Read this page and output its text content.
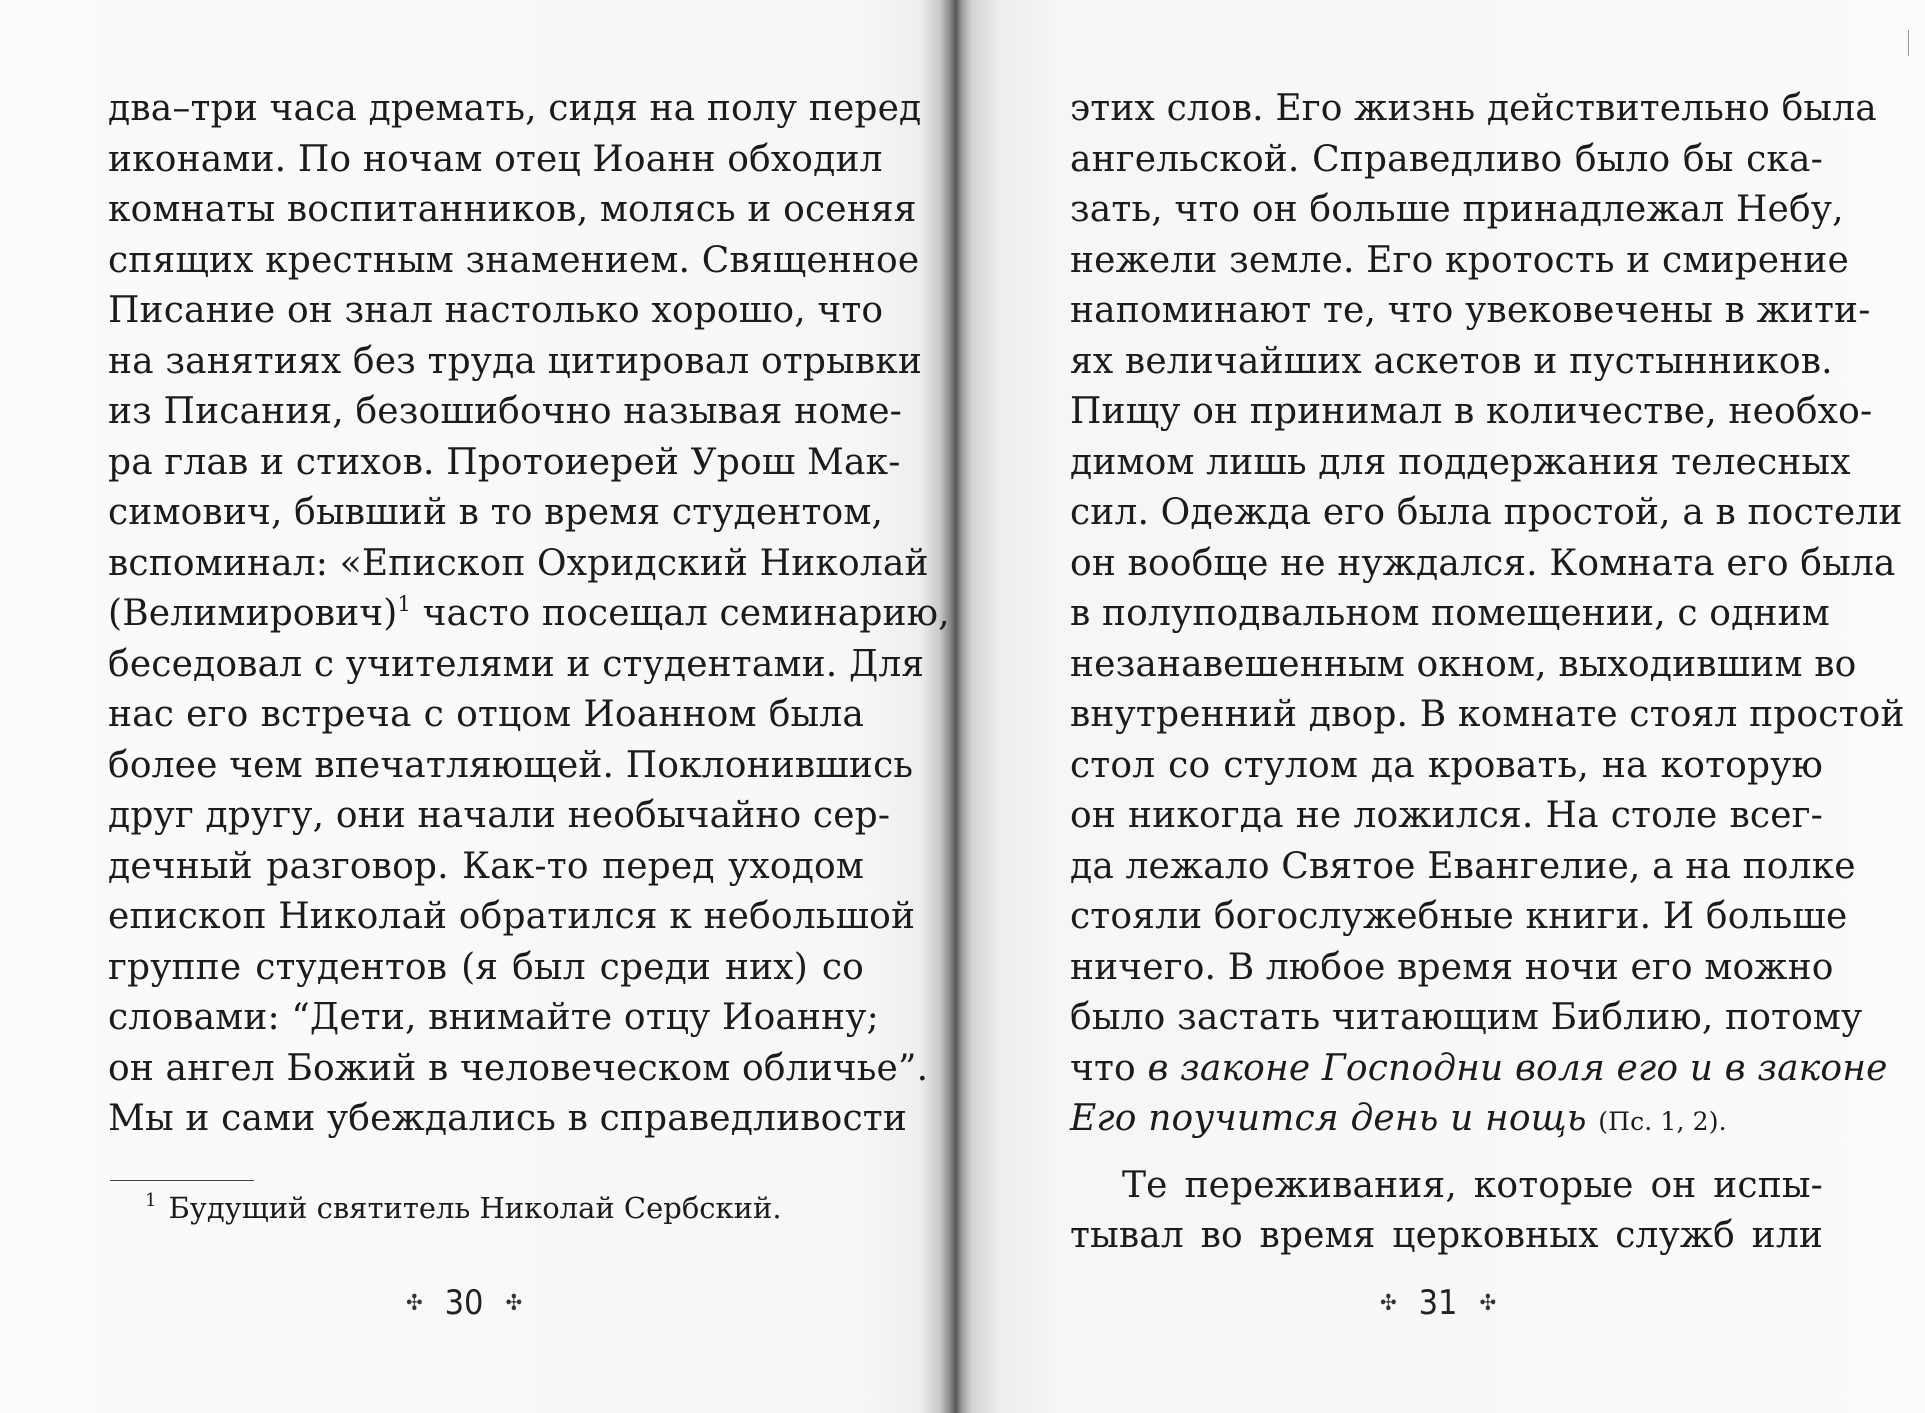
два–три часа дремать, сидя на полу перед
иконами. По ночам отец Иоанн обходил
комнаты воспитанников, молясь и осеняя
спящих крестным знамением. Священное
Писание он знал настолько хорошо, что
на занятиях без труда цитировал отрывки
из Писания, безошибочно называя номе-
ра глав и стихов. Протоиерей Урош Мак-
симович, бывший в то время студентом,
вспоминал: «Епископ Охридский Николай
(Велимирович)$^1$ часто посещал семинарию,
беседовал с учителями и студентами. Для
нас его встреча с отцом Иоанном была
более чем впечатляющей. Поклонившись
друг другу, они начали необычайно сер-
дечный разговор. Как-то перед уходом
епископ Николай обратился к небольшой
группе студентов (я был среди них) со
словами: “Дети, внимайте отцу Иоанну;
он ангел Божий в человеческом обличье”.
Мы и сами убеждались в справедливости
$^1$ Будущий святитель Николай Сербский.
✣ 30 ✣
этих слов. Его жизнь действительно была
ангельской. Справедливо было бы ска-
зать, что он больше принадлежал Небу,
нежели земле. Его кротость и смирение
напоминают те, что увековечены в жити-
ях величайших аскетов и пустынников.
Пищу он принимал в количестве, необхо-
димом лишь для поддержания телесных
сил. Одежда его была простой, а в постели
он вообще не нуждался. Комната его была
в полуподвальном помещении, с одним
незанавешенным окном, выходившим во
внутренний двор. В комнате стоял простой
стол со стулом да кровать, на которую
он никогда не ложился. На столе всег-
да лежало Святое Евангелие, а на полке
стояли богослужебные книги. И больше
ничего. В любое время ночи его можно
было застать читающим Библию, потому
что в законе Господни воля его и в законе
Его поучится день и нощь (Пс. 1, 2).
Те переживания, которые он испы-
тывал во время церковных служб или
✣ 31 ✣
